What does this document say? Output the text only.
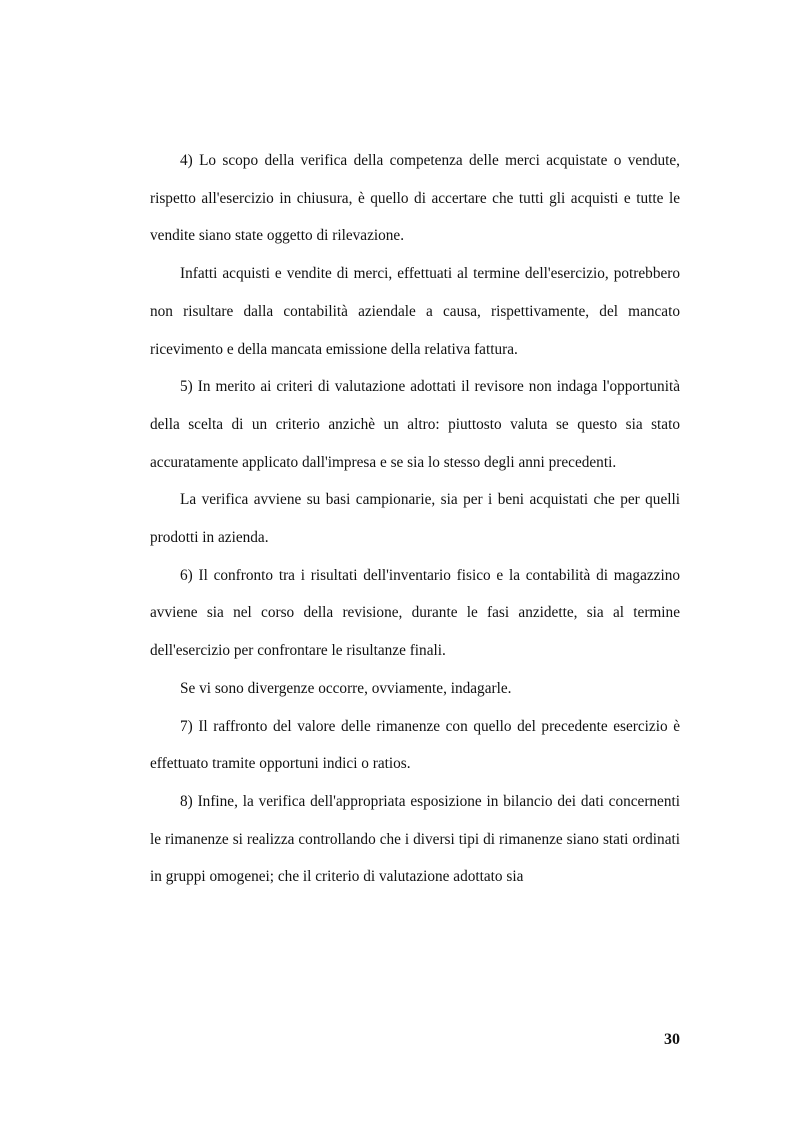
4) Lo scopo della verifica della competenza delle merci acquistate o vendute, rispetto all'esercizio in chiusura, è quello di accertare che tutti gli acquisti e tutte le vendite siano state oggetto di rilevazione.

Infatti acquisti e vendite di merci, effettuati al termine dell'esercizio, potrebbero non risultare dalla contabilità aziendale a causa, rispettivamente, del mancato ricevimento e della mancata emissione della relativa fattura.

5) In merito ai criteri di valutazione adottati il revisore non indaga l'opportunità della scelta di un criterio anzichè un altro: piuttosto valuta se questo sia stato accuratamente applicato dall'impresa e se sia lo stesso degli anni precedenti.

La verifica avviene su basi campionarie, sia per i beni acquistati che per quelli prodotti in azienda.

6) Il confronto tra i risultati dell'inventario fisico e la contabilità di magazzino avviene sia nel corso della revisione, durante le fasi anzidette, sia al termine dell'esercizio per confrontare le risultanze finali.

Se vi sono divergenze occorre, ovviamente, indagarle.

7) Il raffronto del valore delle rimanenze con quello del precedente esercizio è effettuato tramite opportuni indici o ratios.

8) Infine, la verifica dell'appropriata esposizione in bilancio dei dati concernenti le rimanenze si realizza controllando che i diversi tipi di rimanenze siano stati ordinati in gruppi omogenei; che il criterio di valutazione adottato sia

30
